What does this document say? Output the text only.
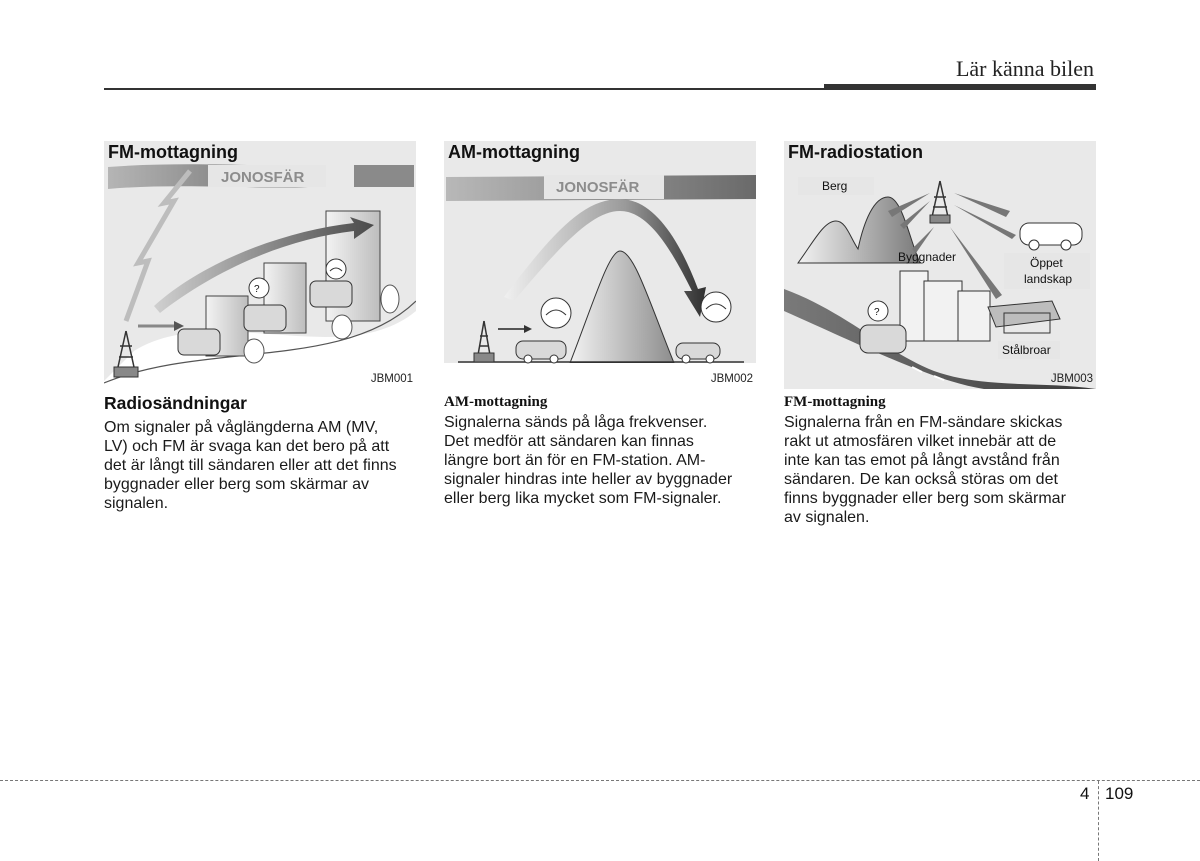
Lär känna bilen
JONOSFÄR
?
FM-mottagning
JBM001
JONOSFÄR
AM-mottagning
JBM002
Berg
Byggnader	Öppet
landskap
?
Stålbroar
FM-radiostation
JBM003
Radiosändningar
Om signaler på våglängderna AM (MV,
LV) och FM är svaga kan det bero på att
det är långt till sändaren eller att det finns
byggnader eller berg som skärmar av
signalen.
AM-mottagning
Signalerna sänds på låga frekvenser.
Det medför att sändaren kan finnas
längre bort än för en FM-station. AM-
signaler hindras inte heller av byggnader
eller berg lika mycket som FM-signaler.
FM-mottagning
Signalerna från en FM-sändare skickas
rakt ut atmosfären vilket innebär att de
inte kan tas emot på långt avstånd från
sändaren. De kan också störas om det
finns byggnader eller berg som skärmar
av signalen.
4 109
